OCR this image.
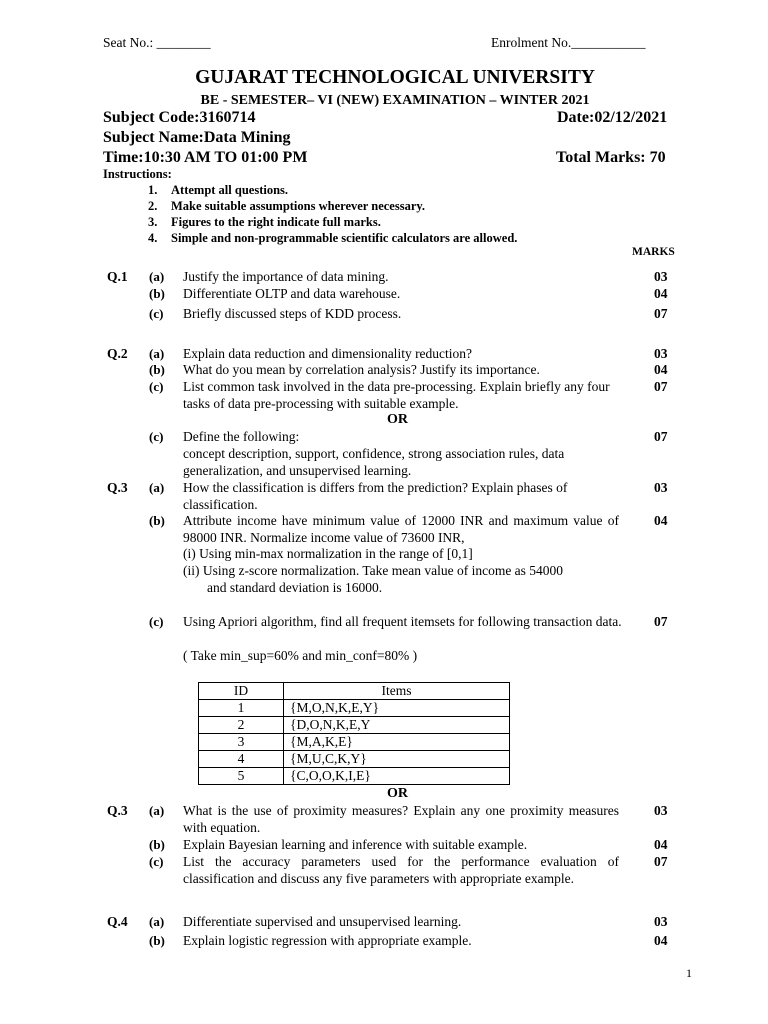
Seat No.: ________	Enrolment No.___________
GUJARAT TECHNOLOGICAL UNIVERSITY
BE - SEMESTER– VI (NEW) EXAMINATION – WINTER 2021
Subject Code:3160714	Date:02/12/2021
Subject Name:Data Mining
Time:10:30 AM TO 01:00 PM	Total Marks: 70
Instructions:
1. Attempt all questions.
2. Make suitable assumptions wherever necessary.
3. Figures to the right indicate full marks.
4. Simple and non-programmable scientific calculators are allowed.
MARKS
Q.1 (a) Justify the importance of data mining.	03
(b) Differentiate OLTP and data warehouse.	04
(c) Briefly discussed steps of KDD process.	07
Q.2 (a) Explain data reduction and dimensionality reduction?	03
(b) What do you mean by correlation analysis? Justify its importance.	04
(c) List common task involved in the data pre-processing. Explain briefly any four tasks of data pre-processing with suitable example.
07
OR
(c) Define the following:
concept description, support, confidence, strong association rules, data generalization, and unsupervised learning.
07
Q.3 (a) How the classification is differs from the prediction? Explain phases of classification.
03
(b) Attribute income have minimum value of 12000 INR and maximum value of 98000 INR. Normalize income value of 73600 INR,
(i) Using min-max normalization in the range of [0,1]
(ii) Using z-score normalization. Take mean value of income as 54000
and standard deviation is 16000.
04
(c) Using Apriori algorithm, find all frequent itemsets for following transaction data.
( Take min_sup=60% and min_conf=80% )
07
ID	Items
1	{M,O,N,K,E,Y}
2	{D,O,N,K,E,Y
3	{M,A,K,E}
4	{M,U,C,K,Y}
5	{C,O,O,K,I,E}
OR
Q.3 (a) What is the use of proximity measures? Explain any one proximity measures with equation.
03
(b) Explain Bayesian learning and inference with suitable example.	04
(c) List the accuracy parameters used for the performance evaluation of classification and discuss any five parameters with appropriate example.
07
Q.4 (a) Differentiate supervised and unsupervised learning.	03
(b) Explain logistic regression with appropriate example.	04
1
